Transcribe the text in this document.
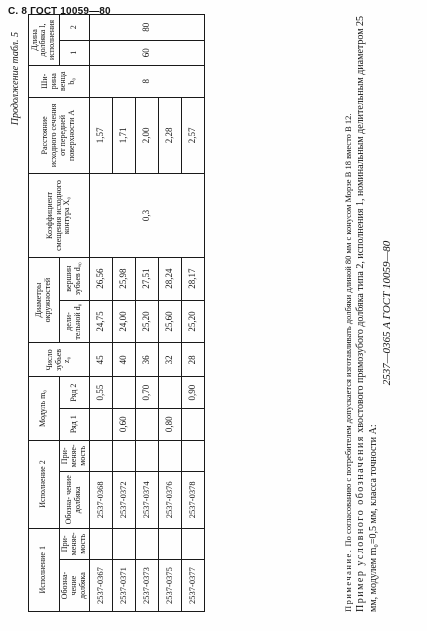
С. 8 ГОСТ 10059—80
Продолжение табл. 5
Исполнение 1		Исполнение 2		Модуль m₀		Число зубьев z₀	Диаметры окружностей		Коэффициент смещения исходного контура X₀	Расстояние исходного сечения от передней поверхности A	Ши- рина венца b₀	Длина долбяка l, исполнения	
Обозна- чение долбяка	При- меняе- мость	Обозна- чение долбяка	При- меняе- мость	Ряд 1	Ряд 2		дели- тельной d₀	вершин зубьев dₐ₀				1	2
2537-0367		2537-0368			0,55	45	24,75	26,56	0,3	1,57	8	60	80
2537-0371		2537-0372		0,60		40	24,00	25,98		1,71			
2537-0373		2537-0374			0,70	36	25,20	27,51		2,00			
2537-0375		2537-0376		0,80		32	25,60	28,24		2,28			
2537-0377		2537-0378			0,90	28	25,20	28,17		2,57			

Примечание. По согласованию с потребителем допускается изготавливать долбяки длиной 80 мм с конусом Морзе В 18 вместо В 12. Пример условного обозначения хвостового прямозубого долбяка типа 2, исполнения 1, номинальным делительным диаметром 25 мм, модулем m₀=0,5 мм, класса точности А:

2537—0365 А ГОСТ 10059—80
